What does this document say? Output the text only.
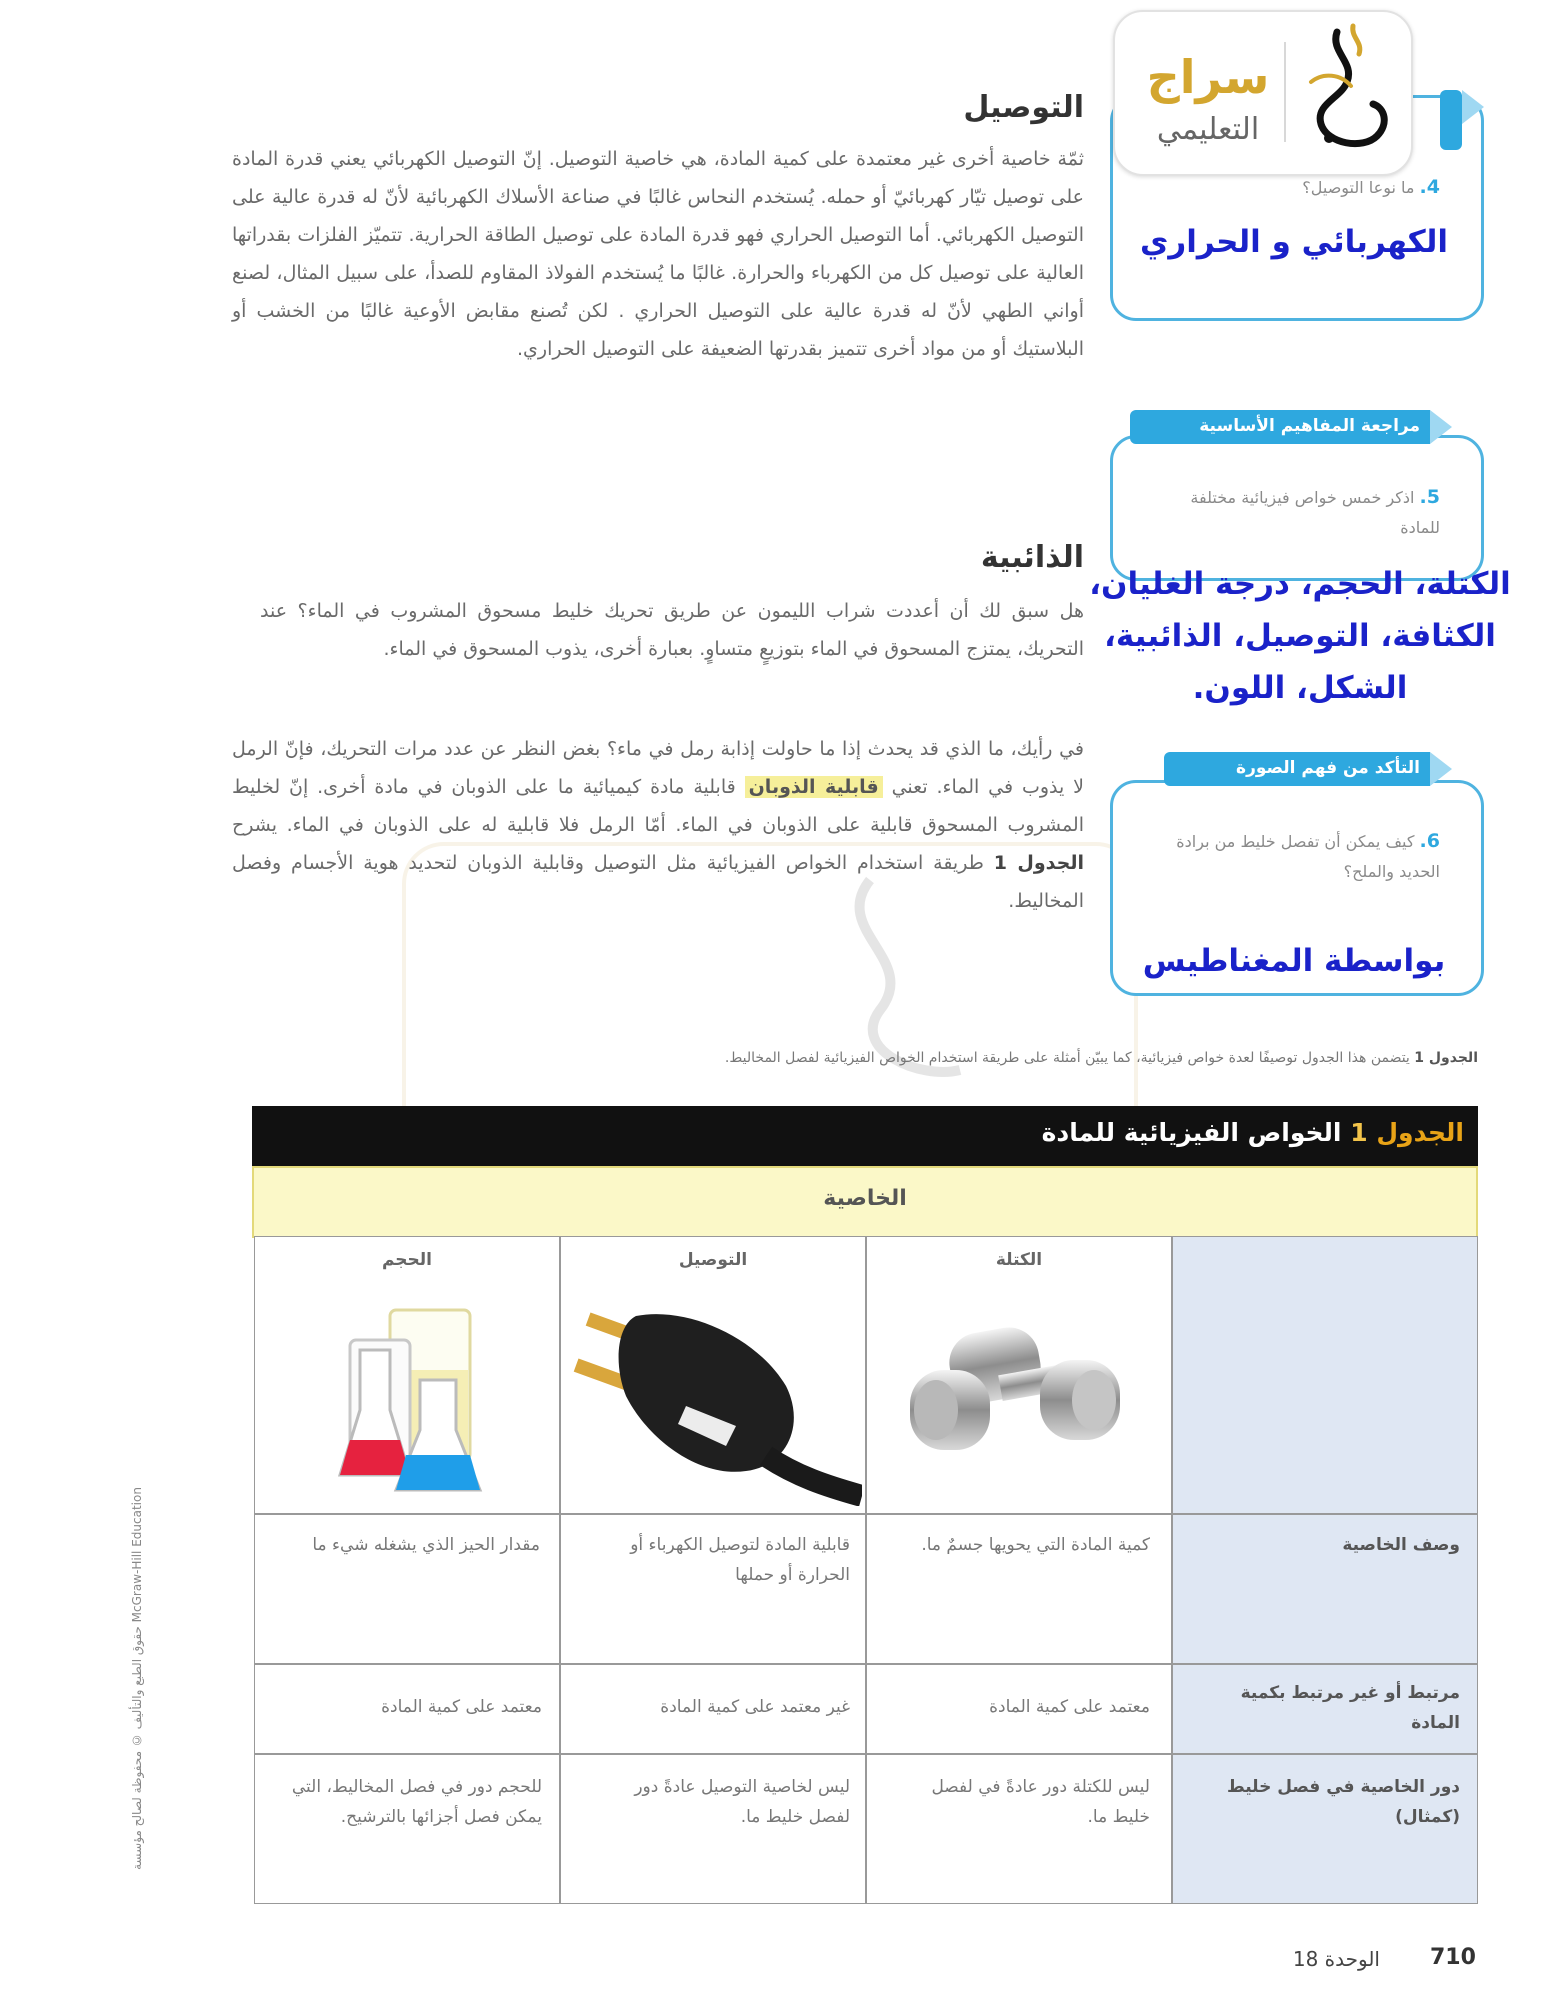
التوصيل
ثمّة خاصية أخرى غير معتمدة على كمية المادة، هي خاصية التوصيل. إنّ التوصيل الكهربائي يعني قدرة المادة على توصيل تيّار كهربائيّ أو حمله. يُستخدم النحاس غالبًا في صناعة الأسلاك الكهربائية لأنّ له قدرة عالية على التوصيل الكهربائي. أما التوصيل الحراري فهو قدرة المادة على توصيل الطاقة الحرارية. تتميّز الفلزات بقدراتها العالية على توصيل كل من الكهرباء والحرارة. غالبًا ما يُستخدم الفولاذ المقاوم للصدأ، على سبيل المثال، لصنع أواني الطهي لأنّ له قدرة عالية على التوصيل الحراري . لكن تُصنع مقابض الأوعية غالبًا من الخشب أو البلاستيك أو من مواد أخرى تتميز بقدرتها الضعيفة على التوصيل الحراري.
الذائبية
هل سبق لك أن أعددت شراب الليمون عن طريق تحريك خليط مسحوق المشروب في الماء؟ عند التحريك، يمتزج المسحوق في الماء بتوزيعٍ متساوٍ. بعبارة أخرى، يذوب المسحوق في الماء.
في رأيك، ما الذي قد يحدث إذا ما حاولت إذابة رمل في ماء؟ بغض النظر عن عدد مرات التحريك، فإنّ الرمل لا يذوب في الماء. تعني قابلية الذوبان قابلية مادة كيميائية ما على الذوبان في مادة أخرى. إنّ لخليط المشروب المسحوق قابلية على الذوبان في الماء. أمّا الرمل فلا قابلية له على الذوبان في الماء. يشرح الجدول 1 طريقة استخدام الخواص الفيزيائية مثل التوصيل وقابلية الذوبان لتحديد هوية الأجسام وفصل المخاليط.
4. ما نوعا التوصيل؟
الكهربائي و الحراري
سراج
التعليمي
مراجعة المفاهيم الأساسية
5. اذكر خمس خواص فيزيائية مختلفة للمادة
الكتلة، الحجم، درجة الغليان، الكثافة، التوصيل، الذائبية، الشكل، اللون.
التأكد من فهم الصورة
6. كيف يمكن أن تفصل خليط من برادة الحديد والملح؟
بواسطة المغناطيس
الجدول 1 يتضمن هذا الجدول توصيفًا لعدة خواص فيزيائية، كما يبيّن أمثلة على طريقة استخدام الخواص الفيزيائية لفصل المخاليط.
الجدول 1 الخواص الفيزيائية للمادة
الخاصية
الكتلة
التوصيل
الحجم
وصف الخاصية
كمية المادة التي يحويها جسمٌ ما.
قابلية المادة لتوصيل الكهرباء أو الحرارة أو حملها
مقدار الحيز الذي يشغله شيء ما
مرتبط أو غير مرتبط بكمية المادة
معتمد على كمية المادة
غير معتمد على كمية المادة
معتمد على كمية المادة
دور الخاصية في فصل خليط (كمثال)
ليس للكتلة دور عادةً في لفصل خليط ما.
ليس لخاصية التوصيل عادةً دور لفصل خليط ما.
للحجم دور في فصل المخاليط، التي يمكن فصل أجزائها بالترشيح.
حقوق الطبع والتأليف © محفوظة لصالح مؤسسة McGraw-Hill Education
710
الوحدة 18
